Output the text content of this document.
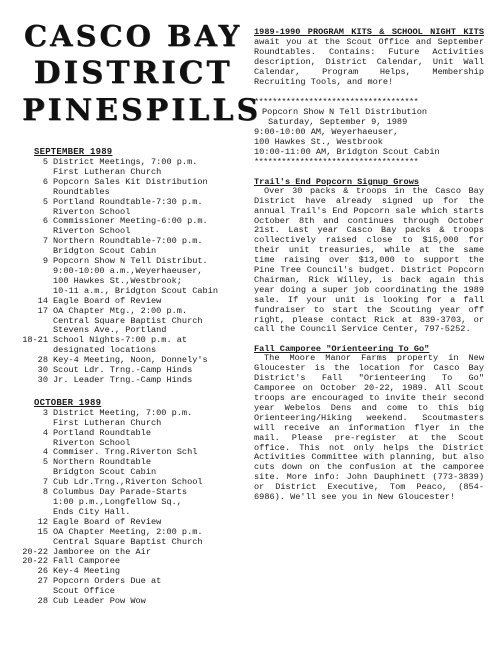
CASCO BAY
DISTRICT
PINESPILLS
SEPTEMBER 1989
5 District Meetings, 7:00 p.m.
First Lutheran Church
6 Popcorn Sales Kit Distribution
Roundtables
5 Portland Roundtable-7:30 p.m.
Riverton School
6 Commissioner Meeting-6:00 p.m.
Riverton School
7 Northern Roundtable-7:00 p.m.
Bridgton Scout Cabin
9 Popcorn Show N Tell Distribut.
9:00-10:00 a.m.,Weyerhaeuser,
100 Hawkes St.,Westbrook;
10-11 a.m., Bridgton Scout Cabin
14 Eagle Board of Review
17 OA Chapter Mtg., 2:00 p.m.
Central Square Baptist Church
Stevens Ave., Portland
18-21 School Nights-7:00 p.m. at
designated locations
28 Key-4 Meeting, Noon, Donnely's
30 Scout Ldr. Trng.-Camp Hinds
30 Jr. Leader Trng.-Camp Hinds
OCTOBER 1989
3 District Meeting, 7:00 p.m.
First Lutheran Church
4 Portland Roundtable
Riverton School
4 Commiser. Trng.Riverton Schl
5 Northern Roundtable
Bridgton Scout Cabin
7 Cub Ldr.Trng.,Riverton School
8 Columbus Day Parade-Starts
1:00 p.m.,Longfellow Sq.,
Ends City Hall.
12 Eagle Board of Review
15 OA Chapter Meeting, 2:00 p.m.
Central Square Baptist Church
20-22 Jamboree on the Air
20-22 Fall Camporee
26 Key-4 Meeting
27 Popcorn Orders Due at
Scout Office
28 Cub Leader Pow Wow

1989-1990 PROGRAM KITS & SCHOOL NIGHT KITS await you at the Scout Office and September Roundtables. Contains: Future Activities description, District Calendar, Unit Wall Calendar, Program Helps, Membership Recruiting Tools, and more!

************************************
Popcorn Show N Tell Distribution
Saturday, September 9, 1989
9:00-10:00 AM, Weyerhaeuser,
100 Hawkes St., Westbrook
10:00-11:00 AM, Bridgton Scout Cabin
************************************
Trail's End Popcorn Signup Grows

Over 30 packs & troops in the Casco Bay District have already signed up for the annual Trail's End Popcorn sale which starts October 8th and continues through October 21st. Last year Casco Bay packs & troops collectively raised close to $15,000 for their unit treasuries, while at the same time raising over $13,000 to support the Pine Tree Council's budget. District Popcorn Chairman, Rick Willey, is back again this year doing a super job coordinating the 1989 sale. If your unit is looking for a fall fundraiser to start the Scouting year off right, please contact Rick at 839-3703, or call the Council Service Center, 797-5252.

Fall Camporee "Orienteering To Go"

The Moore Manor Farms property in New Gloucester is the location for Casco Bay District's Fall "Orienteering To Go" Camporee on October 20-22, 1989. All Scout troops are encouraged to invite their second year Webelos Dens and come to this big Orienteering/Hiking weekend. Scoutmasters will receive an information flyer in the mail. Please pre-register at the Scout office. This not only helps the District Activities Committee with planning, but also cuts down on the confusion at the camporee site. More info: John Dauphinett (773-3839) or District Executive, Tom Peaco, (854-6986). We'll see you in New Gloucester!
